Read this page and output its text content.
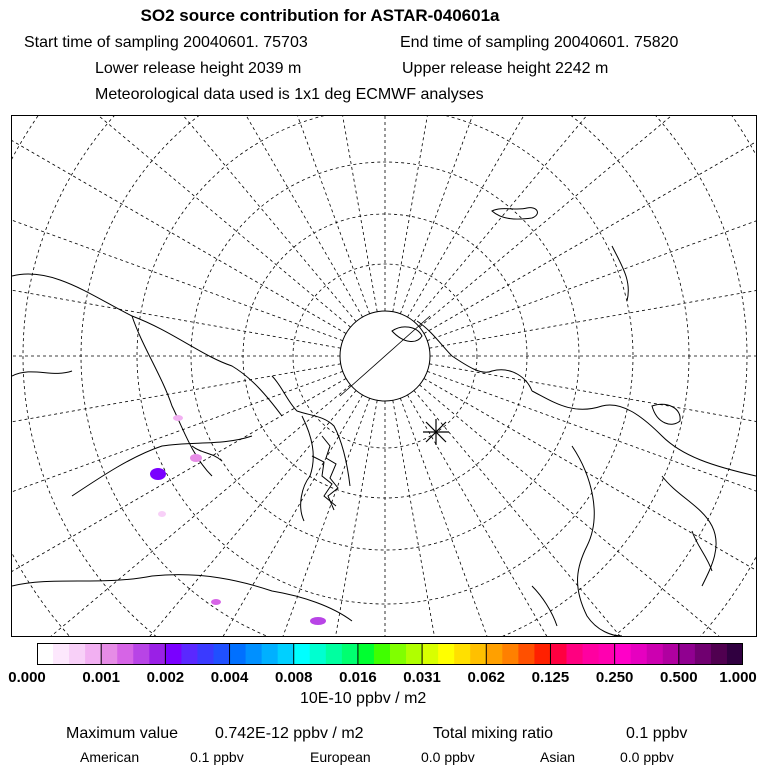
SO2 source contribution for ASTAR-040601a
Start time of sampling 20040601. 75703	End time of sampling 20040601. 75820
Lower release height 2039 m	Upper release height 2242 m
Meteorological data used is 1x1 deg ECMWF analyses
0.000 0.001 0.002 0.004 0.008 0.016 0.031 0.062 0.125 0.250 0.500 1.000
10E-10 ppbv / m2
Maximum value 0.742E-12 ppbv / m2	Total mixing ratio	0.1 ppbv
American	0.1 ppbv	European	0.0 ppbv	Asian	0.0 ppbv
